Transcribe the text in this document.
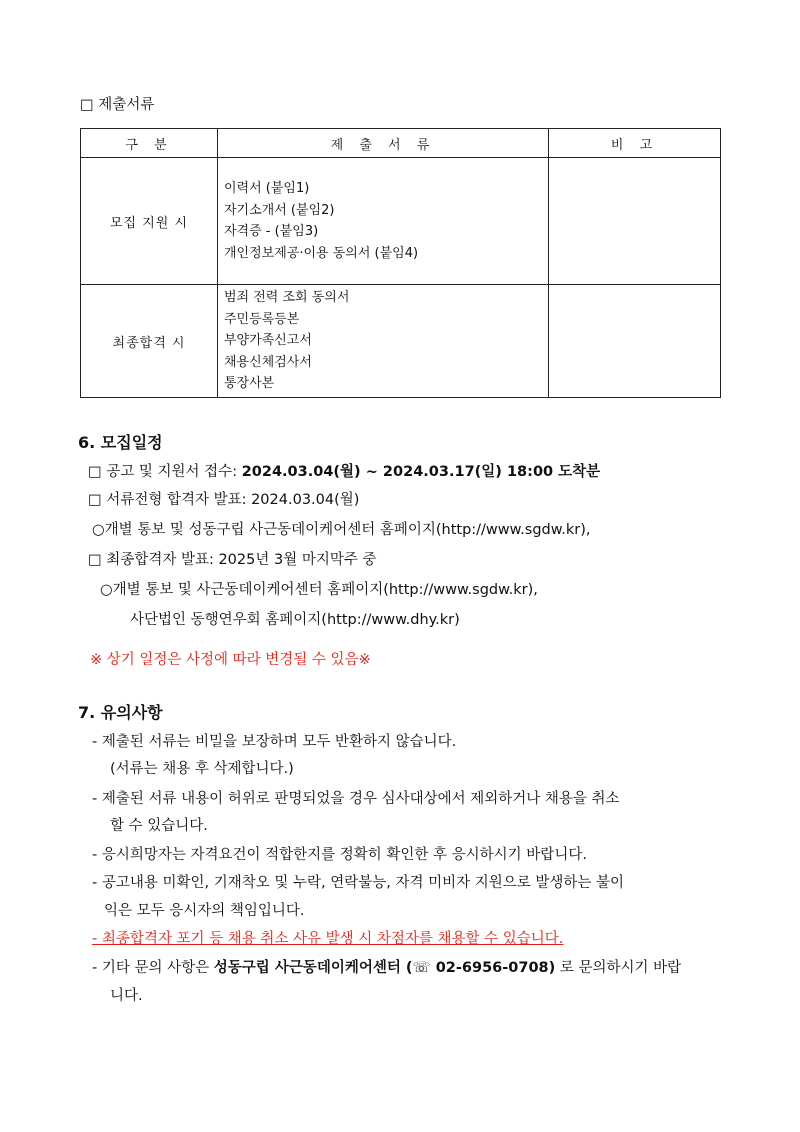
□ 제출서류
구 분	제 출 서 류	비 고
모집 지원 시	이력서 (붙임1)
자기소개서 (붙임2)
자격증 - (붙임3)
개인정보제공·이용 동의서 (붙임4)	

최종합격 시	범죄 전력 조회 동의서
주민등록등본
부양가족신고서
채용신체검사서
통장사본	

6. 모집일정
□ 공고 및 지원서 접수: 2024.03.04(월) ~ 2024.03.17(일) 18:00 도착분
□ 서류전형 합격자 발표: 2024.03.04(월)
○개별 통보 및 성동구립 사근동데이케어센터 홈페이지(http://www.sgdw.kr),
□ 최종합격자 발표: 2025년 3월 마지막주 중
○개별 통보 및 사근동데이케어센터 홈페이지(http://www.sgdw.kr),
사단법인 동행연우회 홈페이지(http://www.dhy.kr)
※ 상기 일정은 사정에 따라 변경될 수 있음※
7. 유의사항
- 제출된 서류는 비밀을 보장하며 모두 반환하지 않습니다.
(서류는 채용 후 삭제합니다.)
- 제출된 서류 내용이 허위로 판명되었을 경우 심사대상에서 제외하거나 채용을 취소
할 수 있습니다.
- 응시희망자는 자격요건이 적합한지를 정확히 확인한 후 응시하시기 바랍니다.
- 공고내용 미확인, 기재착오 및 누락, 연락불능, 자격 미비자 지원으로 발생하는 불이
익은 모두 응시자의 책임입니다.
- 최종합격자 포기 등 채용 취소 사유 발생 시 차점자를 채용할 수 있습니다.
- 기타 문의 사항은 성동구립 사근동데이케어센터 (☏ 02-6956-0708) 로 문의하시기 바랍
니다.
